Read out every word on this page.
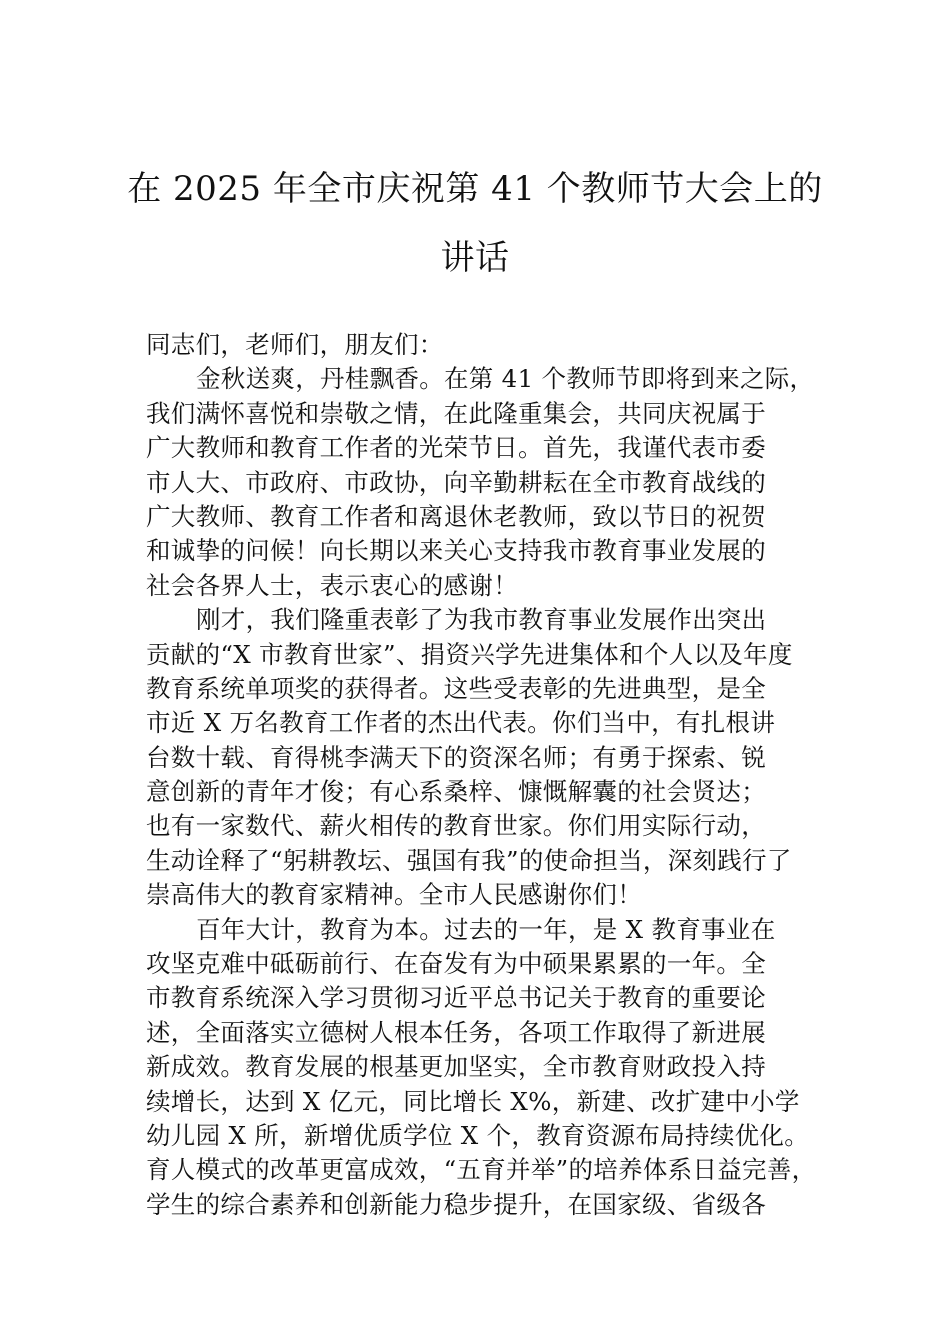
在 2025 年全市庆祝第 41 个教师节大会上的
讲话
同志们，老师们，朋友们：
金秋送爽，丹桂飘香。在第 41 个教师节即将到来之际，
我们满怀喜悦和崇敬之情，在此隆重集会，共同庆祝属于
广大教师和教育工作者的光荣节日。首先，我谨代表市委
市人大、市政府、市政协，向辛勤耕耘在全市教育战线的
广大教师、教育工作者和离退休老教师，致以节日的祝贺
和诚挚的问候！向长期以来关心支持我市教育事业发展的
社会各界人士，表示衷心的感谢！
刚才，我们隆重表彰了为我市教育事业发展作出突出
贡献的“X 市教育世家”、捐资兴学先进集体和个人以及年度
教育系统单项奖的获得者。这些受表彰的先进典型，是全
市近 X 万名教育工作者的杰出代表。你们当中，有扎根讲
台数十载、育得桃李满天下的资深名师；有勇于探索、锐
意创新的青年才俊；有心系桑梓、慷慨解囊的社会贤达；
也有一家数代、薪火相传的教育世家。你们用实际行动，
生动诠释了“躬耕教坛、强国有我”的使命担当，深刻践行了
崇高伟大的教育家精神。全市人民感谢你们！
百年大计，教育为本。过去的一年，是 X 教育事业在
攻坚克难中砥砺前行、在奋发有为中硕果累累的一年。全
市教育系统深入学习贯彻习近平总书记关于教育的重要论
述，全面落实立德树人根本任务，各项工作取得了新进展
新成效。教育发展的根基更加坚实，全市教育财政投入持
续增长，达到 X 亿元，同比增长 X%，新建、改扩建中小学
幼儿园 X 所，新增优质学位 X 个，教育资源布局持续优化。
育人模式的改革更富成效，“五育并举”的培养体系日益完善，
学生的综合素养和创新能力稳步提升，在国家级、省级各
